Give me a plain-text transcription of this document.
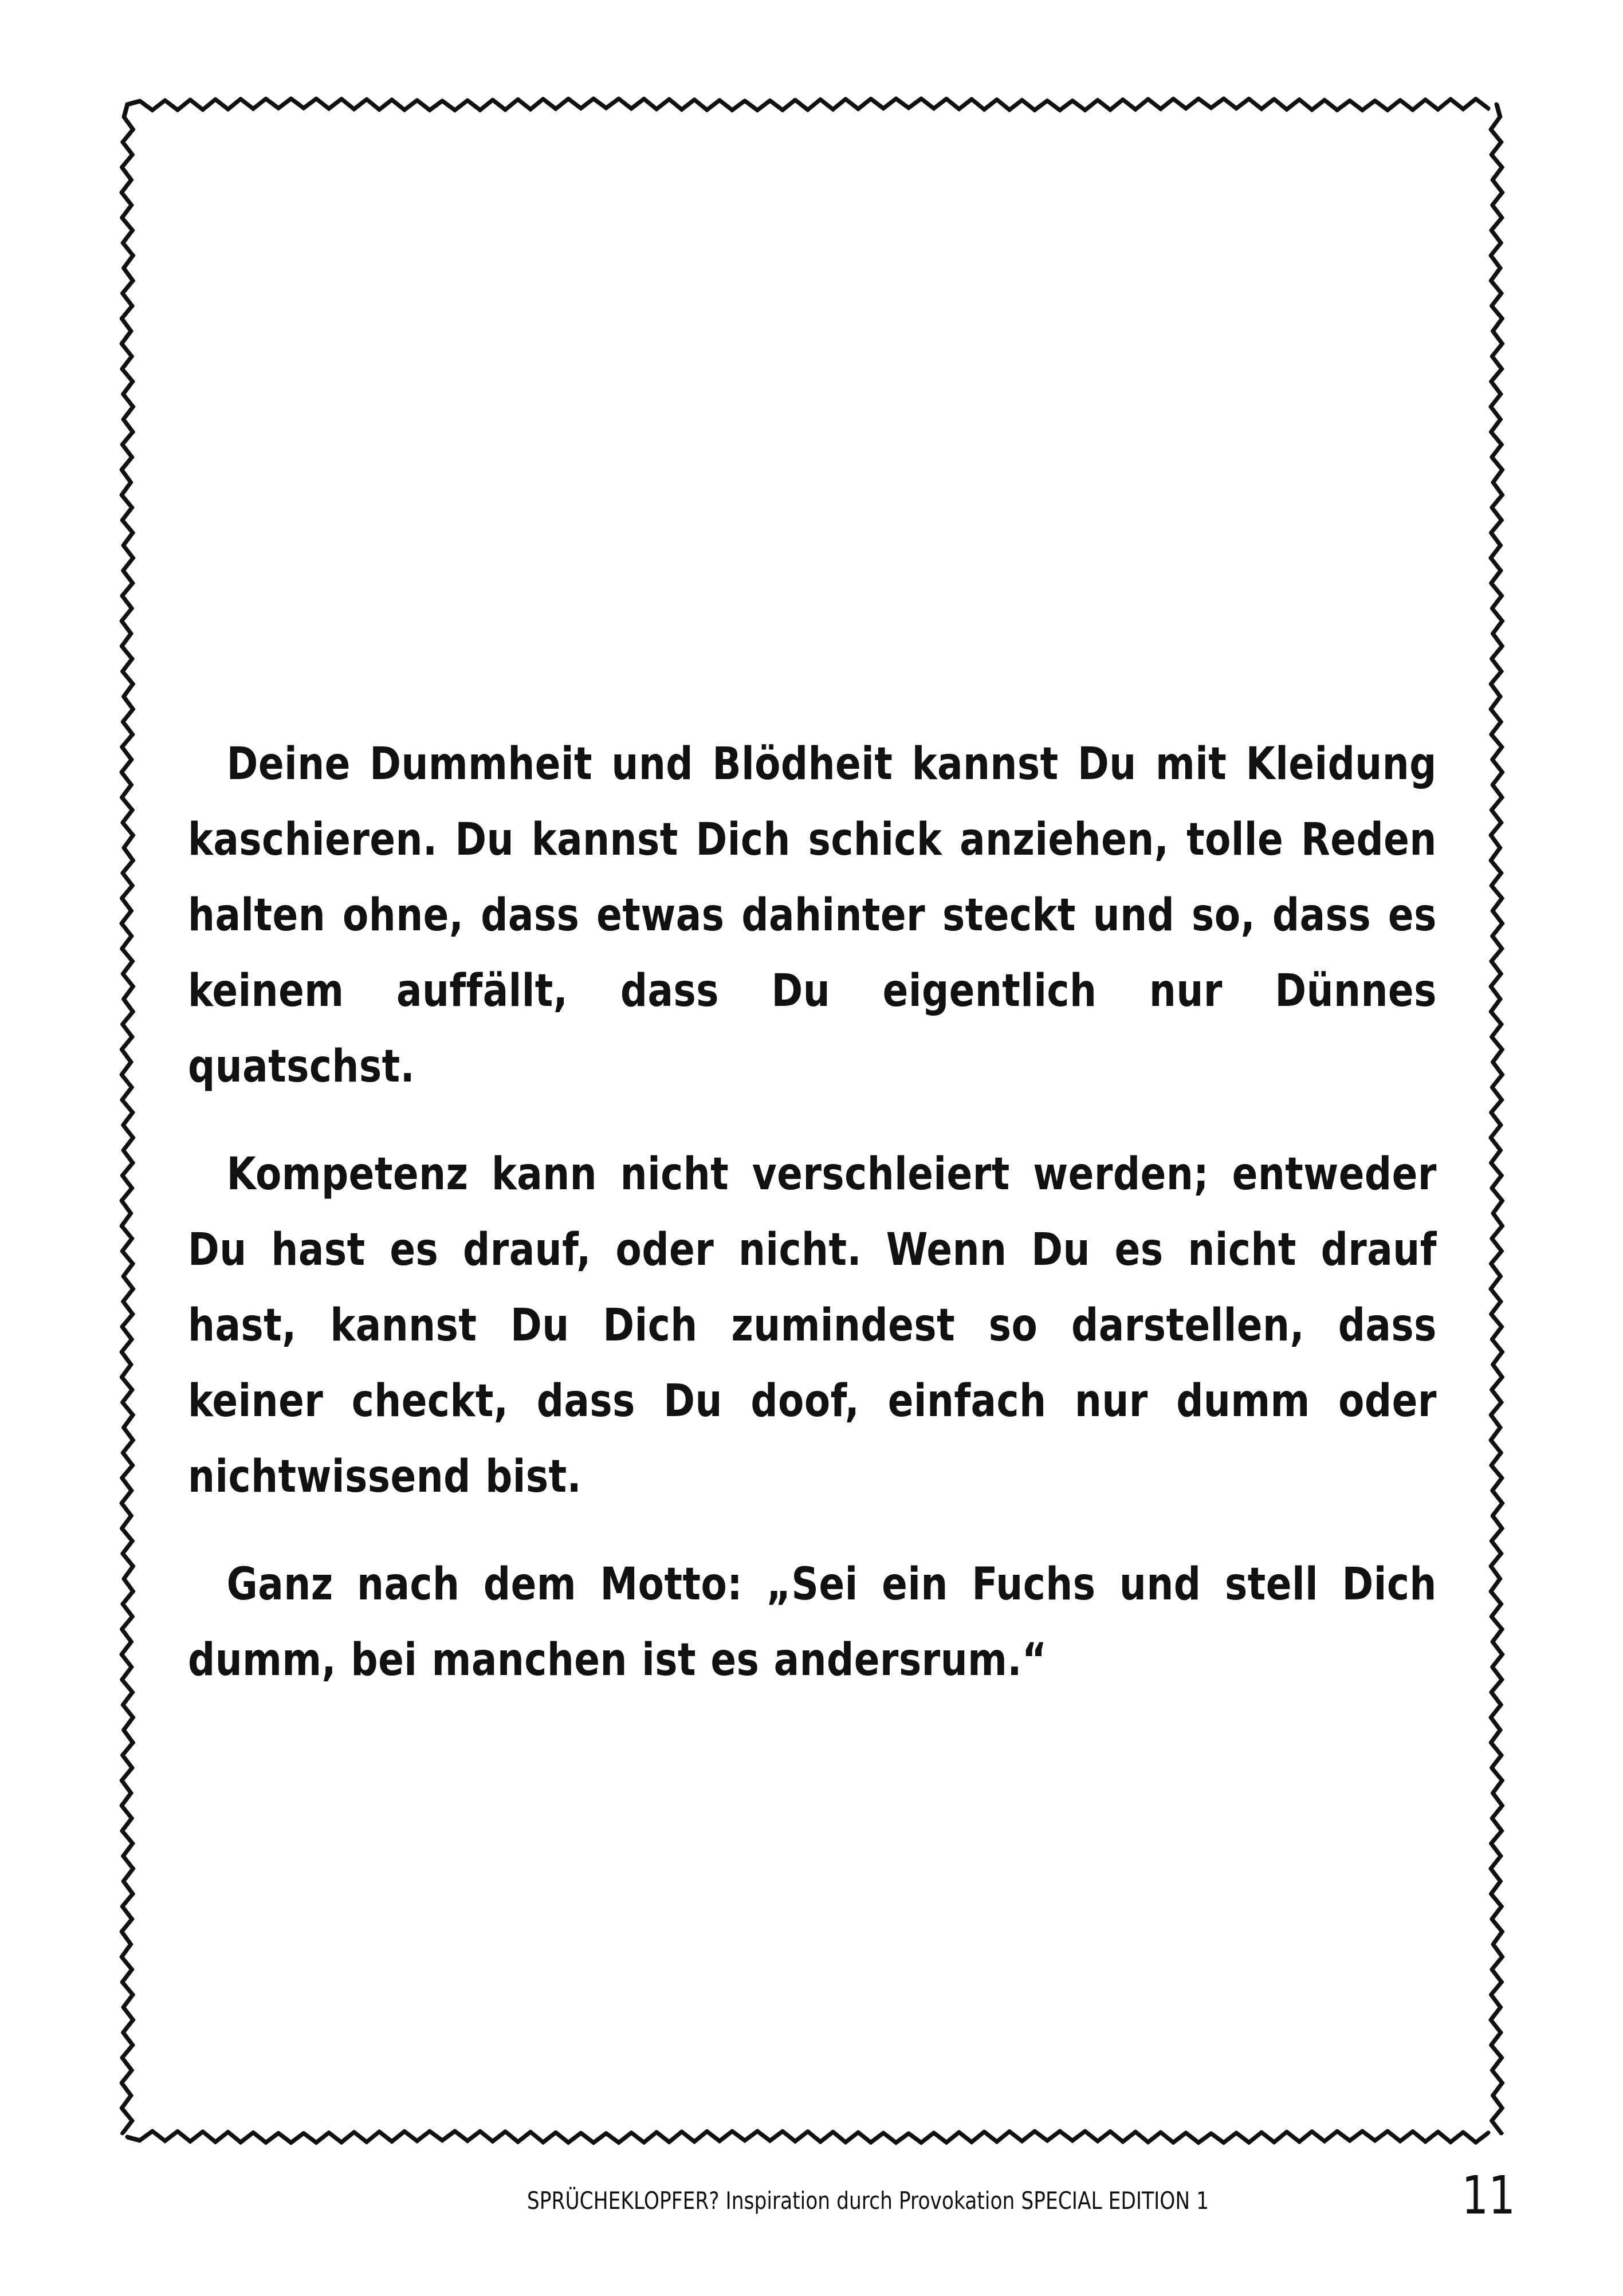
Deine Dummheit und Blödheit kannst Du mit Kleidung kaschieren. Du kannst Dich schick anziehen, tolle Reden halten ohne, dass etwas dahinter steckt und so, dass es keinem auffällt, dass Du eigentlich nur Dünnes quatschst.

Kompetenz kann nicht verschleiert werden; entweder Du hast es drauf, oder nicht. Wenn Du es nicht drauf hast, kannst Du Dich zumindest so darstellen, dass keiner checkt, dass Du doof, einfach nur dumm oder nichtwissend bist.

Ganz nach dem Motto: „Sei ein Fuchs und stell Dich dumm, bei manchen ist es andersrum.“

SPRÜCHEKLOPFER? Inspiration durch Provokation SPECIAL EDITION 1	11
